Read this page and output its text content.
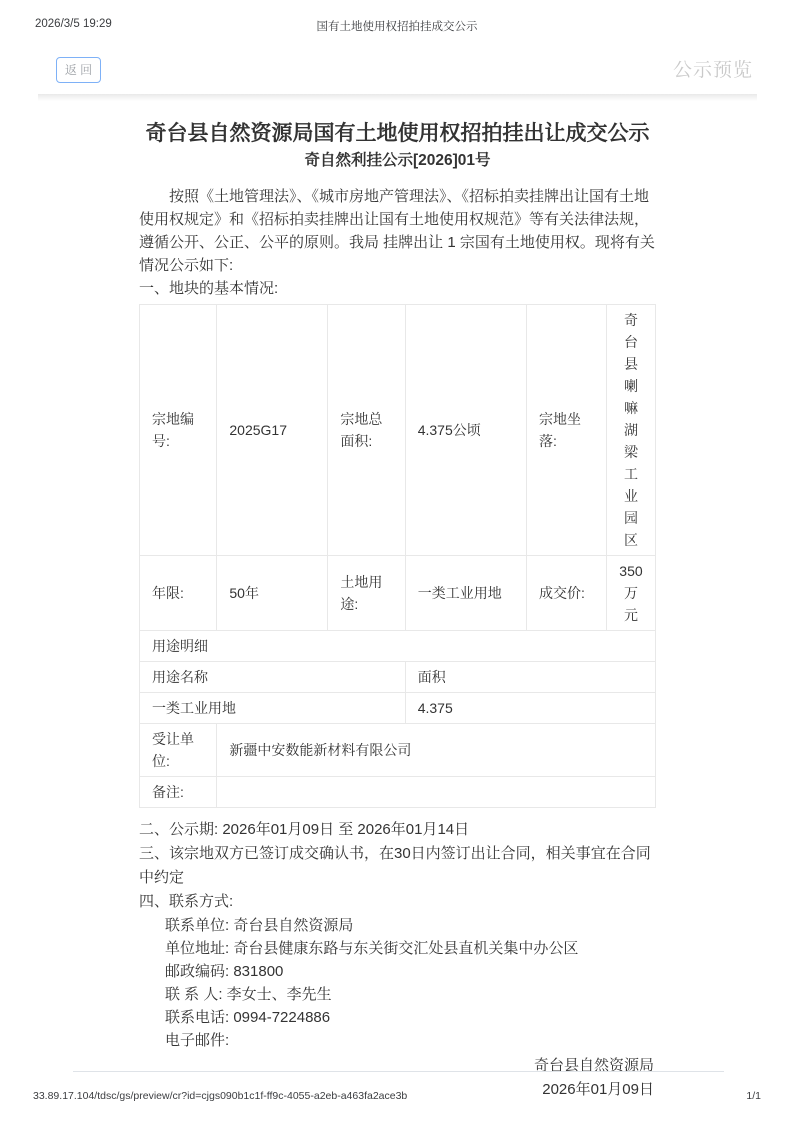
2026/3/5 19:29	国有土地使用权招拍挂成交公示
返 回	公示预览
奇台县自然资源局国有土地使用权招拍挂出让成交公示
奇自然利挂公示[2026]01号

按照《土地管理法》、《城市房地产管理法》、《招标拍卖挂牌出让国有土地使用权规定》和《招标拍卖挂牌出让国有土地使用权规范》等有关法律法规，遵循公开、公正、公平的原则。我局 挂牌出让 1 宗国有土地使用权。现将有关情况公示如下:

一、地块的基本情况:

宗地编号:	2025G17	宗地总面积:	4.375公顷	宗地坐落:	奇台县喇嘛湖梁工业园区
年限:	50年	土地用途:	一类工业用地	成交价:	350万元
用途明细					
用途名称			面积		
一类工业用地			4.375		
受让单位:	新疆中安数能新材料有限公司				
备注:					

二、公示期: 2026年01月09日 至 2026年01月14日

三、该宗地双方已签订成交确认书，在30日内签订出让合同，相关事宜在合同中约定

四、联系方式:

联系单位: 奇台县自然资源局

单位地址: 奇台县健康东路与东关街交汇处县直机关集中办公区

邮政编码: 831800

联 系 人: 李女士、李先生

联系电话: 0994-7224886

电子邮件:

奇台县自然资源局

2026年01月09日

33.89.17.104/tdsc/gs/preview/cr?id=cjgs090b1c1f-ff9c-4055-a2eb-a463fa2ace3b	1/1
